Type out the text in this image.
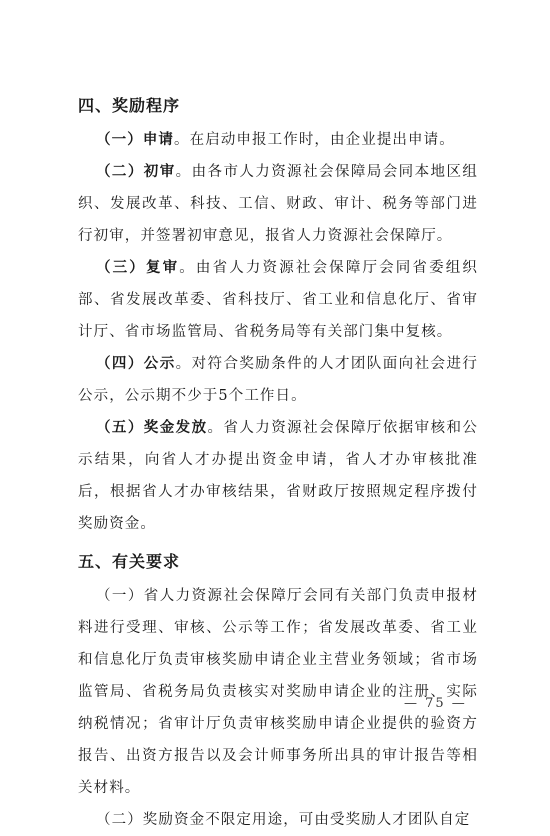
四、奖励程序

（一）申请。在启动申报工作时，由企业提出申请。

（二）初审。由各市人力资源社会保障局会同本地区组织、发展改革、科技、工信、财政、审计、税务等部门进行初审，并签署初审意见，报省人力资源社会保障厅。

（三）复审。由省人力资源社会保障厅会同省委组织部、省发展改革委、省科技厅、省工业和信息化厅、省审计厅、省市场监管局、省税务局等有关部门集中复核。

（四）公示。对符合奖励条件的人才团队面向社会进行公示，公示期不少于5个工作日。

（五）奖金发放。省人力资源社会保障厅依据审核和公示结果，向省人才办提出资金申请，省人才办审核批准后，根据省人才办审核结果，省财政厅按照规定程序拨付奖励资金。

五、有关要求

（一）省人力资源社会保障厅会同有关部门负责申报材料进行受理、审核、公示等工作；省发展改革委、省工业和信息化厅负责审核奖励申请企业主营业务领域；省市场监管局、省税务局负责核实对奖励申请企业的注册、实际纳税情况；省审计厅负责审核奖励申请企业提供的验资方报告、出资方报告以及会计师事务所出具的审计报告等相关材料。

（二）奖励资金不限定用途，可由受奖励人才团队自定

— 75 —
